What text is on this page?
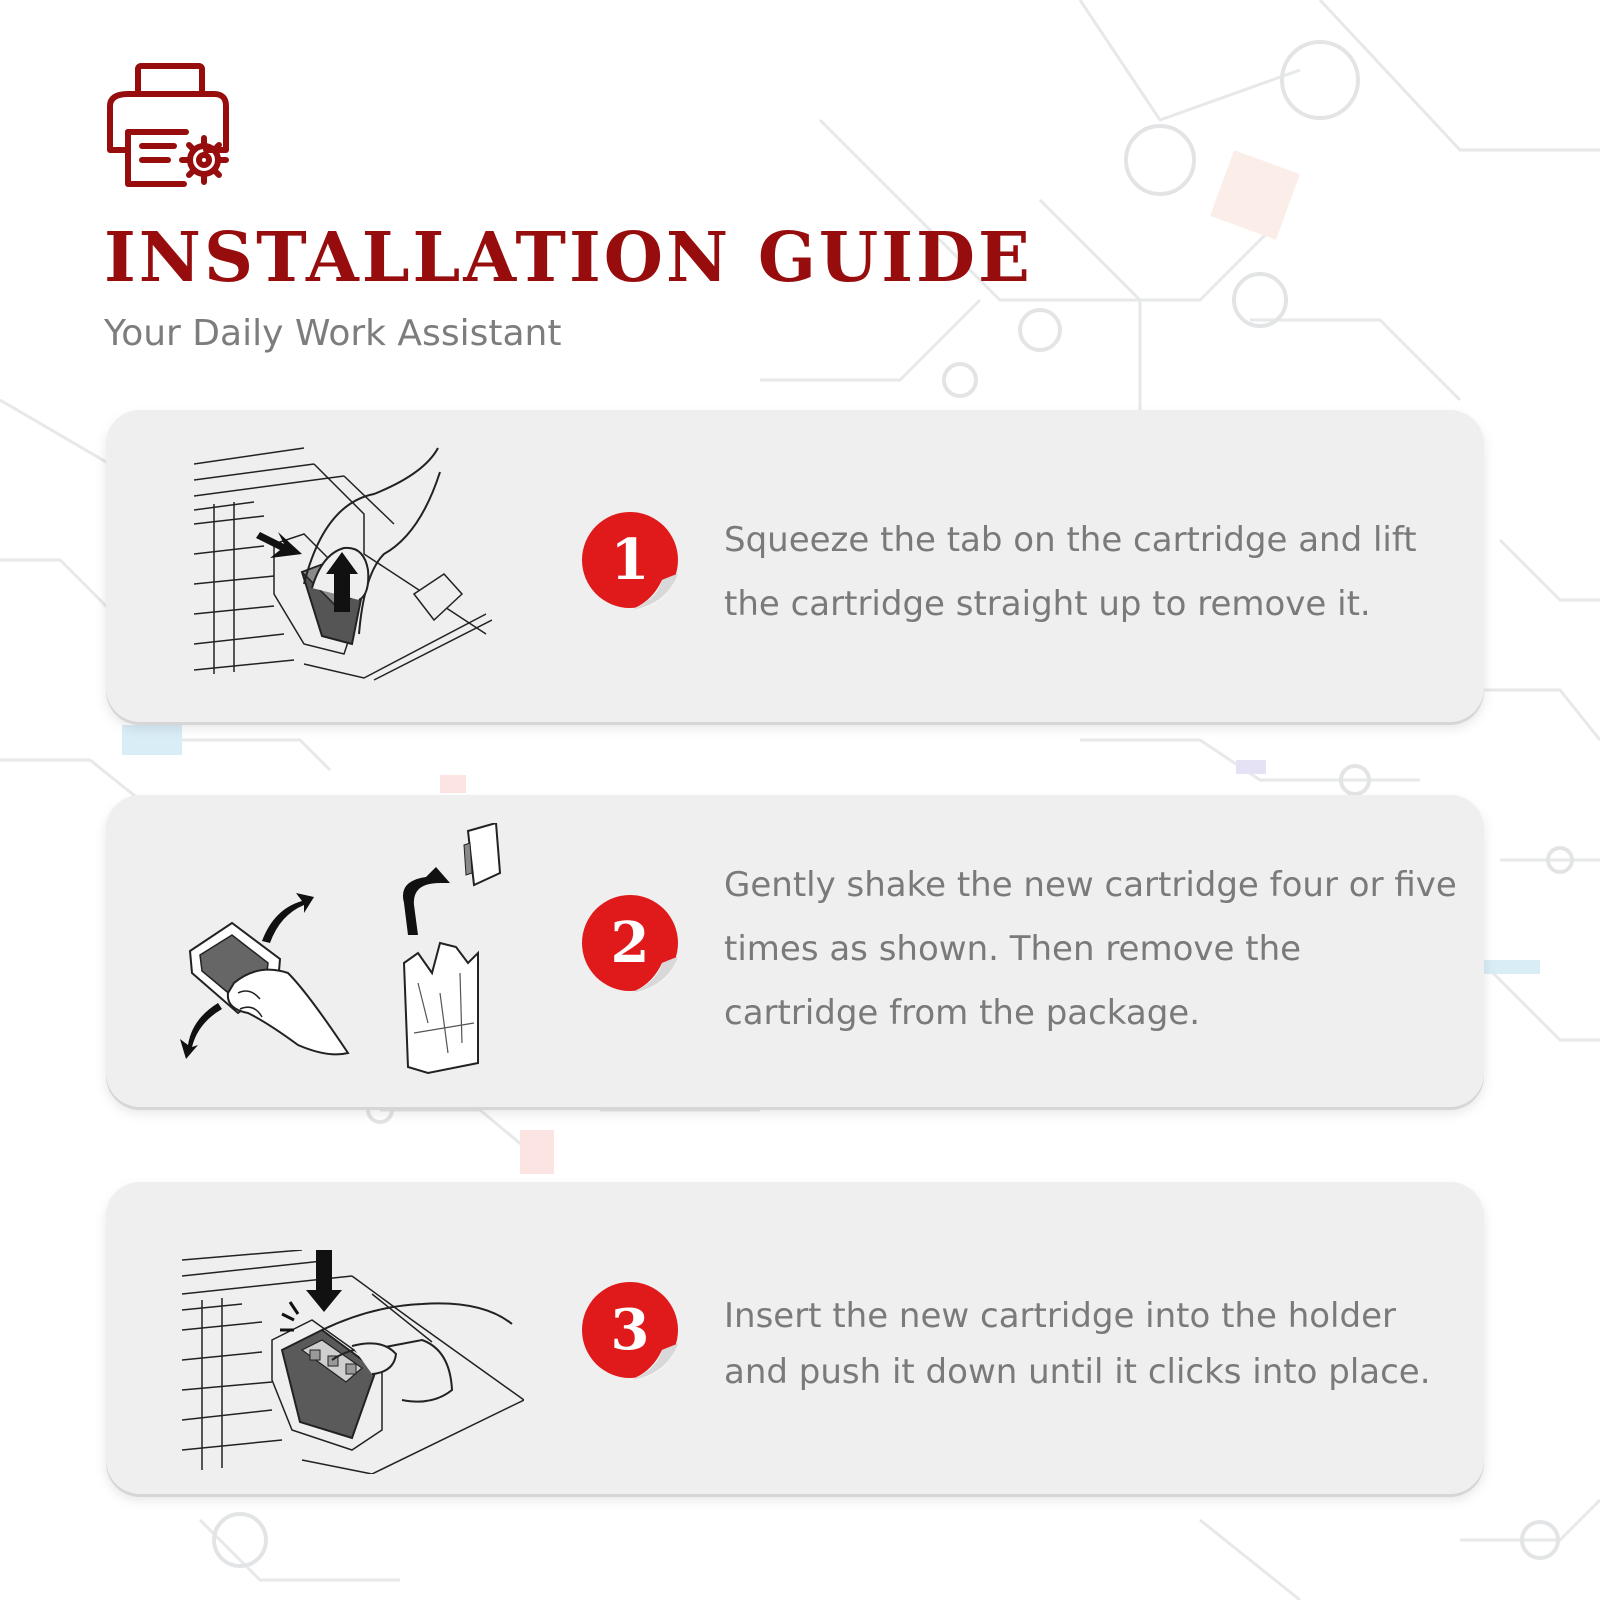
INSTALLATION GUIDE
Your Daily Work Assistant
1	Squeeze the tab on the cartridge and lift the cartridge straight up to remove it.
2
Gently shake the new cartridge four or five times as shown. Then remove the cartridge from the package.
3	Insert the new cartridge into the holder and push it down until it clicks into place.
